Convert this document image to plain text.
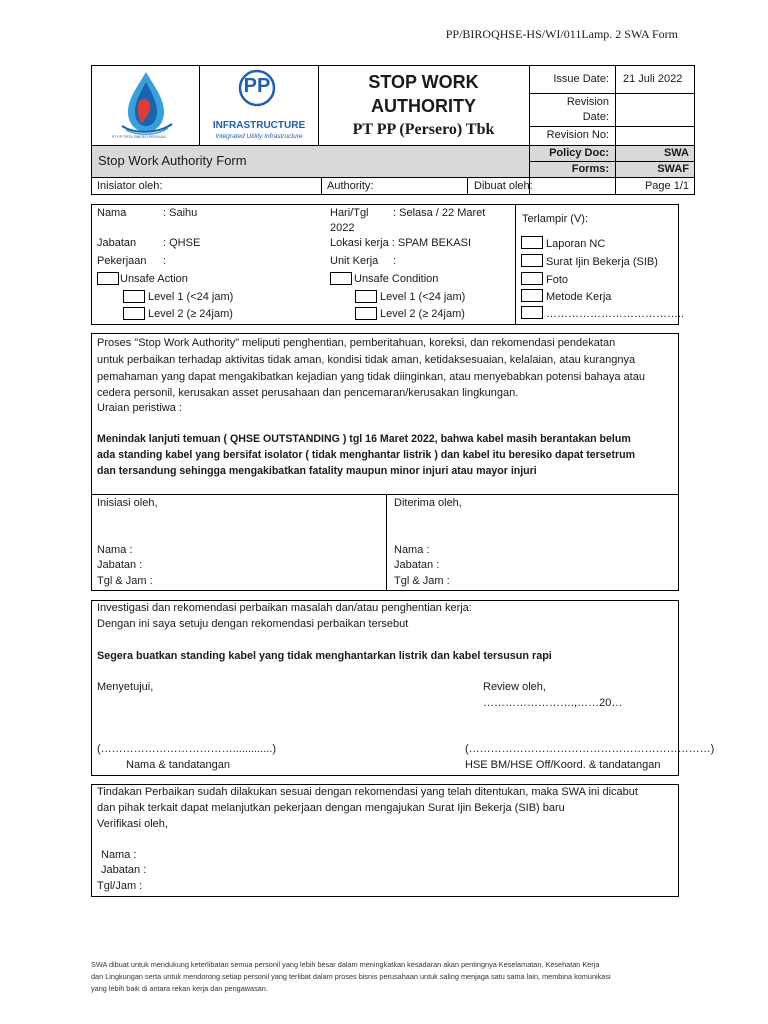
PP/BIROQHSE-HS/WI/011Lamp. 2 SWA Form
PT PP TIRTA SINERGI PERSADA
PP
INFRASTRUCTURE
Integrated Utility Infrastructure
STOP WORK
AUTHORITY
PT PP (Persero) Tbk
Issue Date: 21 Juli 2022
Revision
Date:
Revision No:
Policy Doc:	SWA
Forms:	SWAF
Stop Work Authority Form
Inisiator oleh:	Authority:	Dibuat oleh:	Page 1/1
Nama	: Saihu
Jabatan : QHSE
Pekerjaan :
Hari/Tgl : Selasa / 22 Maret
2022
Lokasi kerja : SPAM BEKASI
Unit Kerja :
Unsafe Action
Level 1 (<24 jam)
Level 2 (≥ 24jam)
Unsafe Condition
Level 1 (<24 jam)
Level 2 (≥ 24jam)
Terlampir (V):
Laporan NC
Surat Ijin Bekerja (SIB)
Foto
Metode Kerja
………………………………..
Proses "Stop Work Authority" meliputi penghentian, pemberitahuan, koreksi, dan rekomendasi pendekatan
untuk perbaikan terhadap aktivitas tidak aman, kondisi tidak aman, ketidaksesuaian, kelalaian, atau kurangnya
pemahaman yang dapat mengakibatkan kejadian yang tidak diinginkan, atau menyebabkan potensi bahaya atau
cedera personil, kerusakan asset perusahaan dan pencemaran/kerusakan lingkungan.
Uraian peristiwa :
Menindak lanjuti temuan ( QHSE OUTSTANDING ) tgl 16 Maret 2022, bahwa kabel masih berantakan belum
ada standing kabel yang bersifat isolator ( tidak menghantar listrik ) dan kabel itu beresiko dapat tersetrum
dan tersandung sehingga mengakibatkan fatality maupun minor injuri atau mayor injuri
Inisiasi oleh,
Nama :
Jabatan :
Tgl & Jam :
Diterima oleh,
Nama :
Jabatan :
Tgl & Jam :
Investigasi dan rekomendasi perbaikan masalah dan/atau penghentian kerja:
Dengan ini saya setuju dengan rekomendasi perbaikan tersebut
Segera buatkan standing kabel yang tidak menghantarkan listrik dan kabel tersusun rapi
Menyetujui,	Review oleh,
…………………….,……20…
(……………………………….............)	(…………………………………………………………)
Nama & tandatangan	HSE BM/HSE Off/Koord. & tandatangan
Tindakan Perbaikan sudah dilakukan sesuai dengan rekomendasi yang telah ditentukan, maka SWA ini dicabut
dan pihak terkait dapat melanjutkan pekerjaan dengan mengajukan Surat Ijin Bekerja (SIB) baru
Verifikasi oleh,
Nama :
Jabatan :
Tgl/Jam :
SWA dibuat untuk mendukung keterlibatan semua personil yang lebih besar dalam meningkatkan kesadaran akan pentingnya Keselamatan, Kesehatan Kerja
dan Lingkungan serta untuk mendorong setiap personil yang terlibat dalam proses bisnis perusahaan untuk saling menjaga satu sama lain, membina komunikasi
yang lebih baik di antara rekan kerja dan pengawasan.
